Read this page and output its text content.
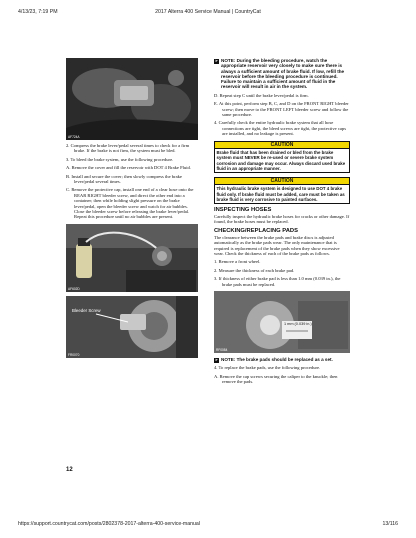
4/13/23, 7:19 PM	2017 Alterra 400 Service Manual | CountryCat
AF724A

2. Compress the brake lever/pedal several times to check for a firm brake. If the brake is not firm, the system must be bled.

3. To bleed the brake system, use the following procedure.

A. Remove the cover and fill the reservoir with DOT 4 Brake Fluid.

B. Install and secure the cover; then slowly compress the brake lever/pedal several times.

C. Remove the protective cap, install one end of a clear hose onto the REAR RIGHT bleeder screw, and direct the other end into a container; then while holding slight pressure on the brake lever/pedal, open the bleeder screw and watch for air bubbles. Close the bleeder screw before releasing the brake lever/pedal. Repeat this procedure until no air bubbles are present.

AF602D
Bleeder Screw
FR0070
☞ NOTE: During the bleeding procedure, watch the appropriate reservoir very closely to make sure there is always a sufficient amount of brake fluid. If low, refill the reservoir before the bleeding procedure is continued. Failure to maintain a sufficient amount of fluid in the reservoir will result in air in the system.

D. Repeat step C until the brake lever/pedal is firm.

E. At this point, perform step B, C, and D on the FRONT RIGHT bleeder screw; then move to the FRONT LEFT bleeder screw and follow the same procedure.

4. Carefully check the entire hydraulic brake system that all hose connections are tight, the bleed screws are tight, the protective caps are installed, and no leakage is present.

CAUTION
Brake fluid that has been drained or bled from the brake system must NEVER be re-used or severe brake system corrosion and damage may occur. Always discard used brake fluid in an appropriate manner.
CAUTION
This hydraulic brake system is designed to use DOT 4 brake fluid only. If brake fluid must be added, care must be taken as brake fluid is very corrosive to painted surfaces.
INSPECTING HOSES

Carefully inspect the hydraulic brake hoses for cracks or other damage. If found, the brake hoses must be replaced.

CHECKING/REPLACING PADS

The clearance between the brake pads and brake discs is adjusted automatically as the brake pads wear. The only maintenance that is required is replacement of the brake pads when they show excessive wear. Check the thickness of each of the brake pads as follows.

1. Remove a front wheel.

2. Measure the thickness of each brake pad.

3. If thickness of either brake pad is less than 1.0 mm (0.039 in.), the brake pads must be replaced.

1 mm (0.039 in.)
RF0084
☞ NOTE: The brake pads should be replaced as a set.

4. To replace the brake pads, use the following procedure.

A. Remove the cap screws securing the caliper to the knuckle; then remove the pads.

12
https://support.countrycat.com/posts/2802378-2017-alterra-400-service-manual	13/116
